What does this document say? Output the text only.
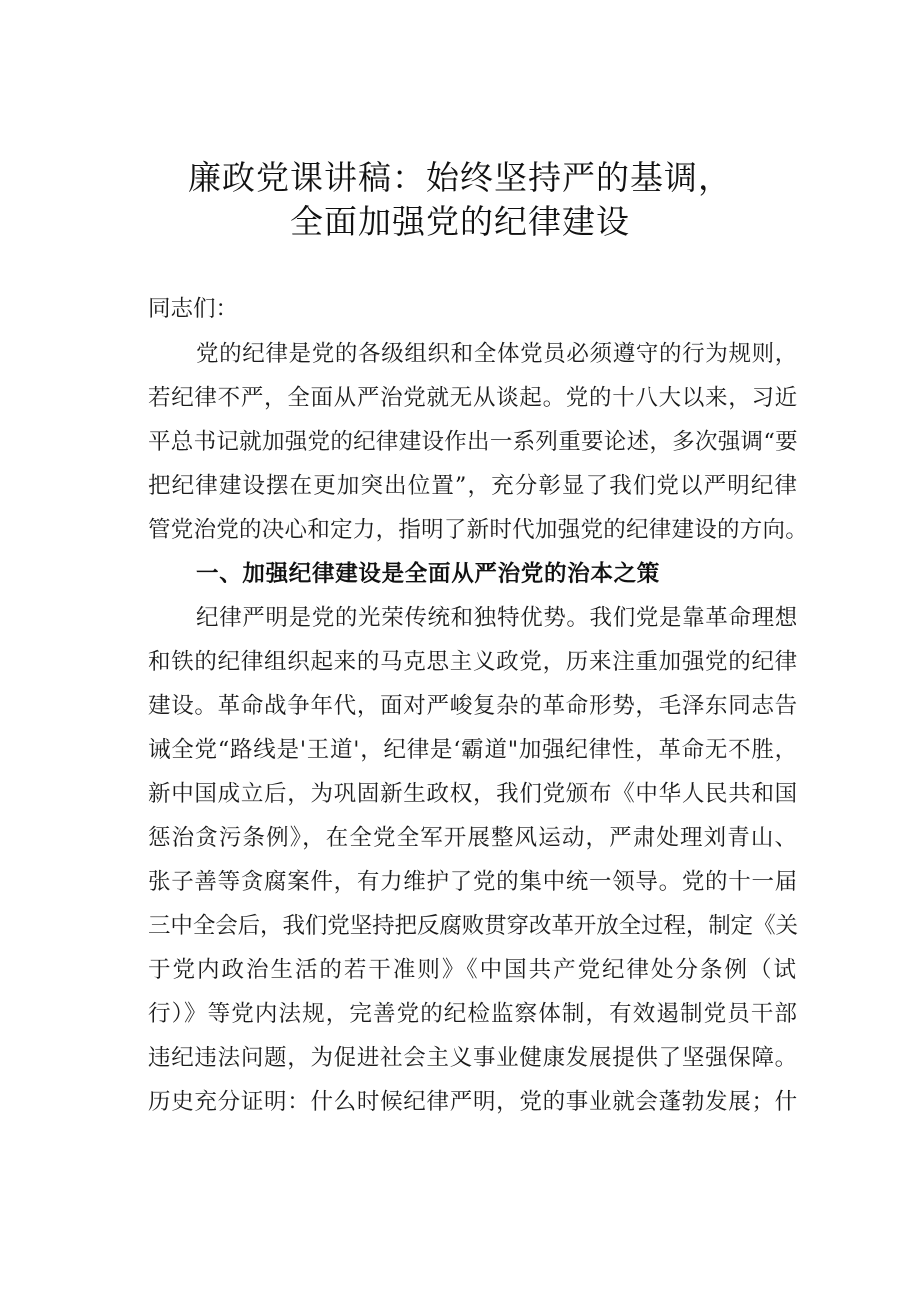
廉政党课讲稿：始终坚持严的基调，
全面加强党的纪律建设
同志们：
党的纪律是党的各级组织和全体党员必须遵守的行为规则，
若纪律不严，全面从严治党就无从谈起。党的十八大以来，习近
平总书记就加强党的纪律建设作出一系列重要论述，多次强调“要
把纪律建设摆在更加突出位置”，充分彰显了我们党以严明纪律
管党治党的决心和定力，指明了新时代加强党的纪律建设的方向。
一、加强纪律建设是全面从严治党的治本之策
纪律严明是党的光荣传统和独特优势。我们党是靠革命理想
和铁的纪律组织起来的马克思主义政党，历来注重加强党的纪律
建设。革命战争年代，面对严峻复杂的革命形势，毛泽东同志告
诫全党“路线是'王道'，纪律是‘霸道"加强纪律性，革命无不胜，
新中国成立后，为巩固新生政权，我们党颁布《中华人民共和国
惩治贪污条例》，在全党全军开展整风运动，严肃处理刘青山、
张子善等贪腐案件，有力维护了党的集中统一领导。党的十一届
三中全会后，我们党坚持把反腐败贯穿改革开放全过程，制定《关
于党内政治生活的若干准则》《中国共产党纪律处分条例（试
行）》等党内法规，完善党的纪检监察体制，有效遏制党员干部
违纪违法问题，为促进社会主义事业健康发展提供了坚强保障。
历史充分证明：什么时候纪律严明，党的事业就会蓬勃发展；什
